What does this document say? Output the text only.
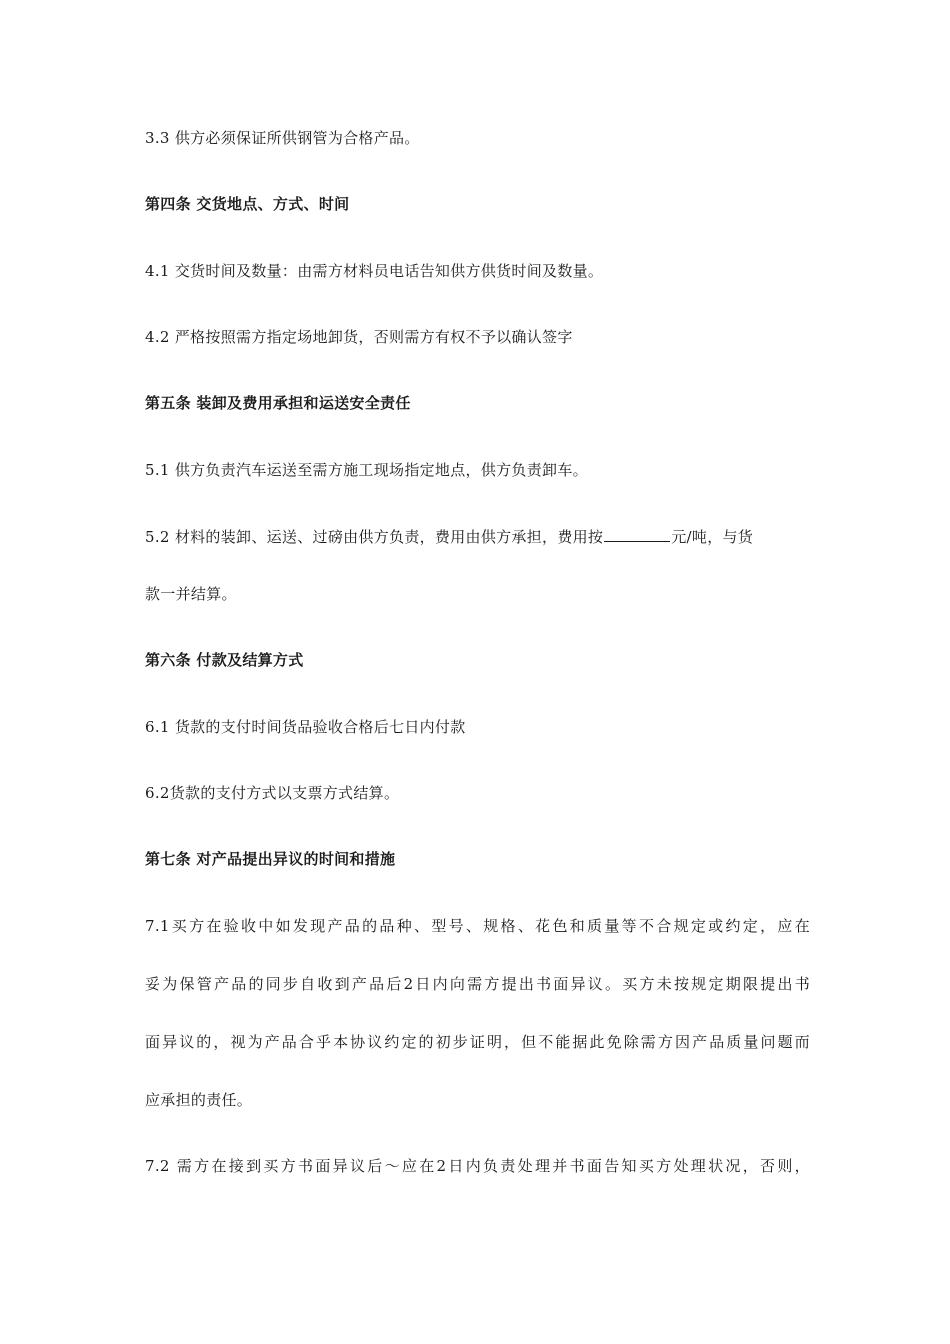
3.3 供方必须保证所供钢管为合格产品。
第四条 交货地点、方式、时间
4.1 交货时间及数量：由需方材料员电话告知供方供货时间及数量。
4.2 严格按照需方指定场地卸货，否则需方有权不予以确认签字
第五条 装卸及费用承担和运送安全责任
5.1 供方负责汽车运送至需方施工现场指定地点，供方负责卸车。
5.2 材料的装卸、运送、过磅由供方负责，费用由供方承担，费用按	元/吨，与货
款一并结算。
第六条 付款及结算方式
6.1 货款的支付时间货品验收合格后七日内付款
6.2货款的支付方式以支票方式结算。
第七条 对产品提出异议的时间和措施
7.1买方在验收中如发现产品的品种、型号、规格、花色和质量等不合规定或约定，应在
妥为保管产品的同步自收到产品后2日内向需方提出书面异议。买方未按规定期限提出书
面异议的，视为产品合乎本协议约定的初步证明，但不能据此免除需方因产品质量问题而
应承担的责任。
7.2 需方在接到买方书面异议后～应在2日内负责处理并书面告知买方处理状况，否则，
